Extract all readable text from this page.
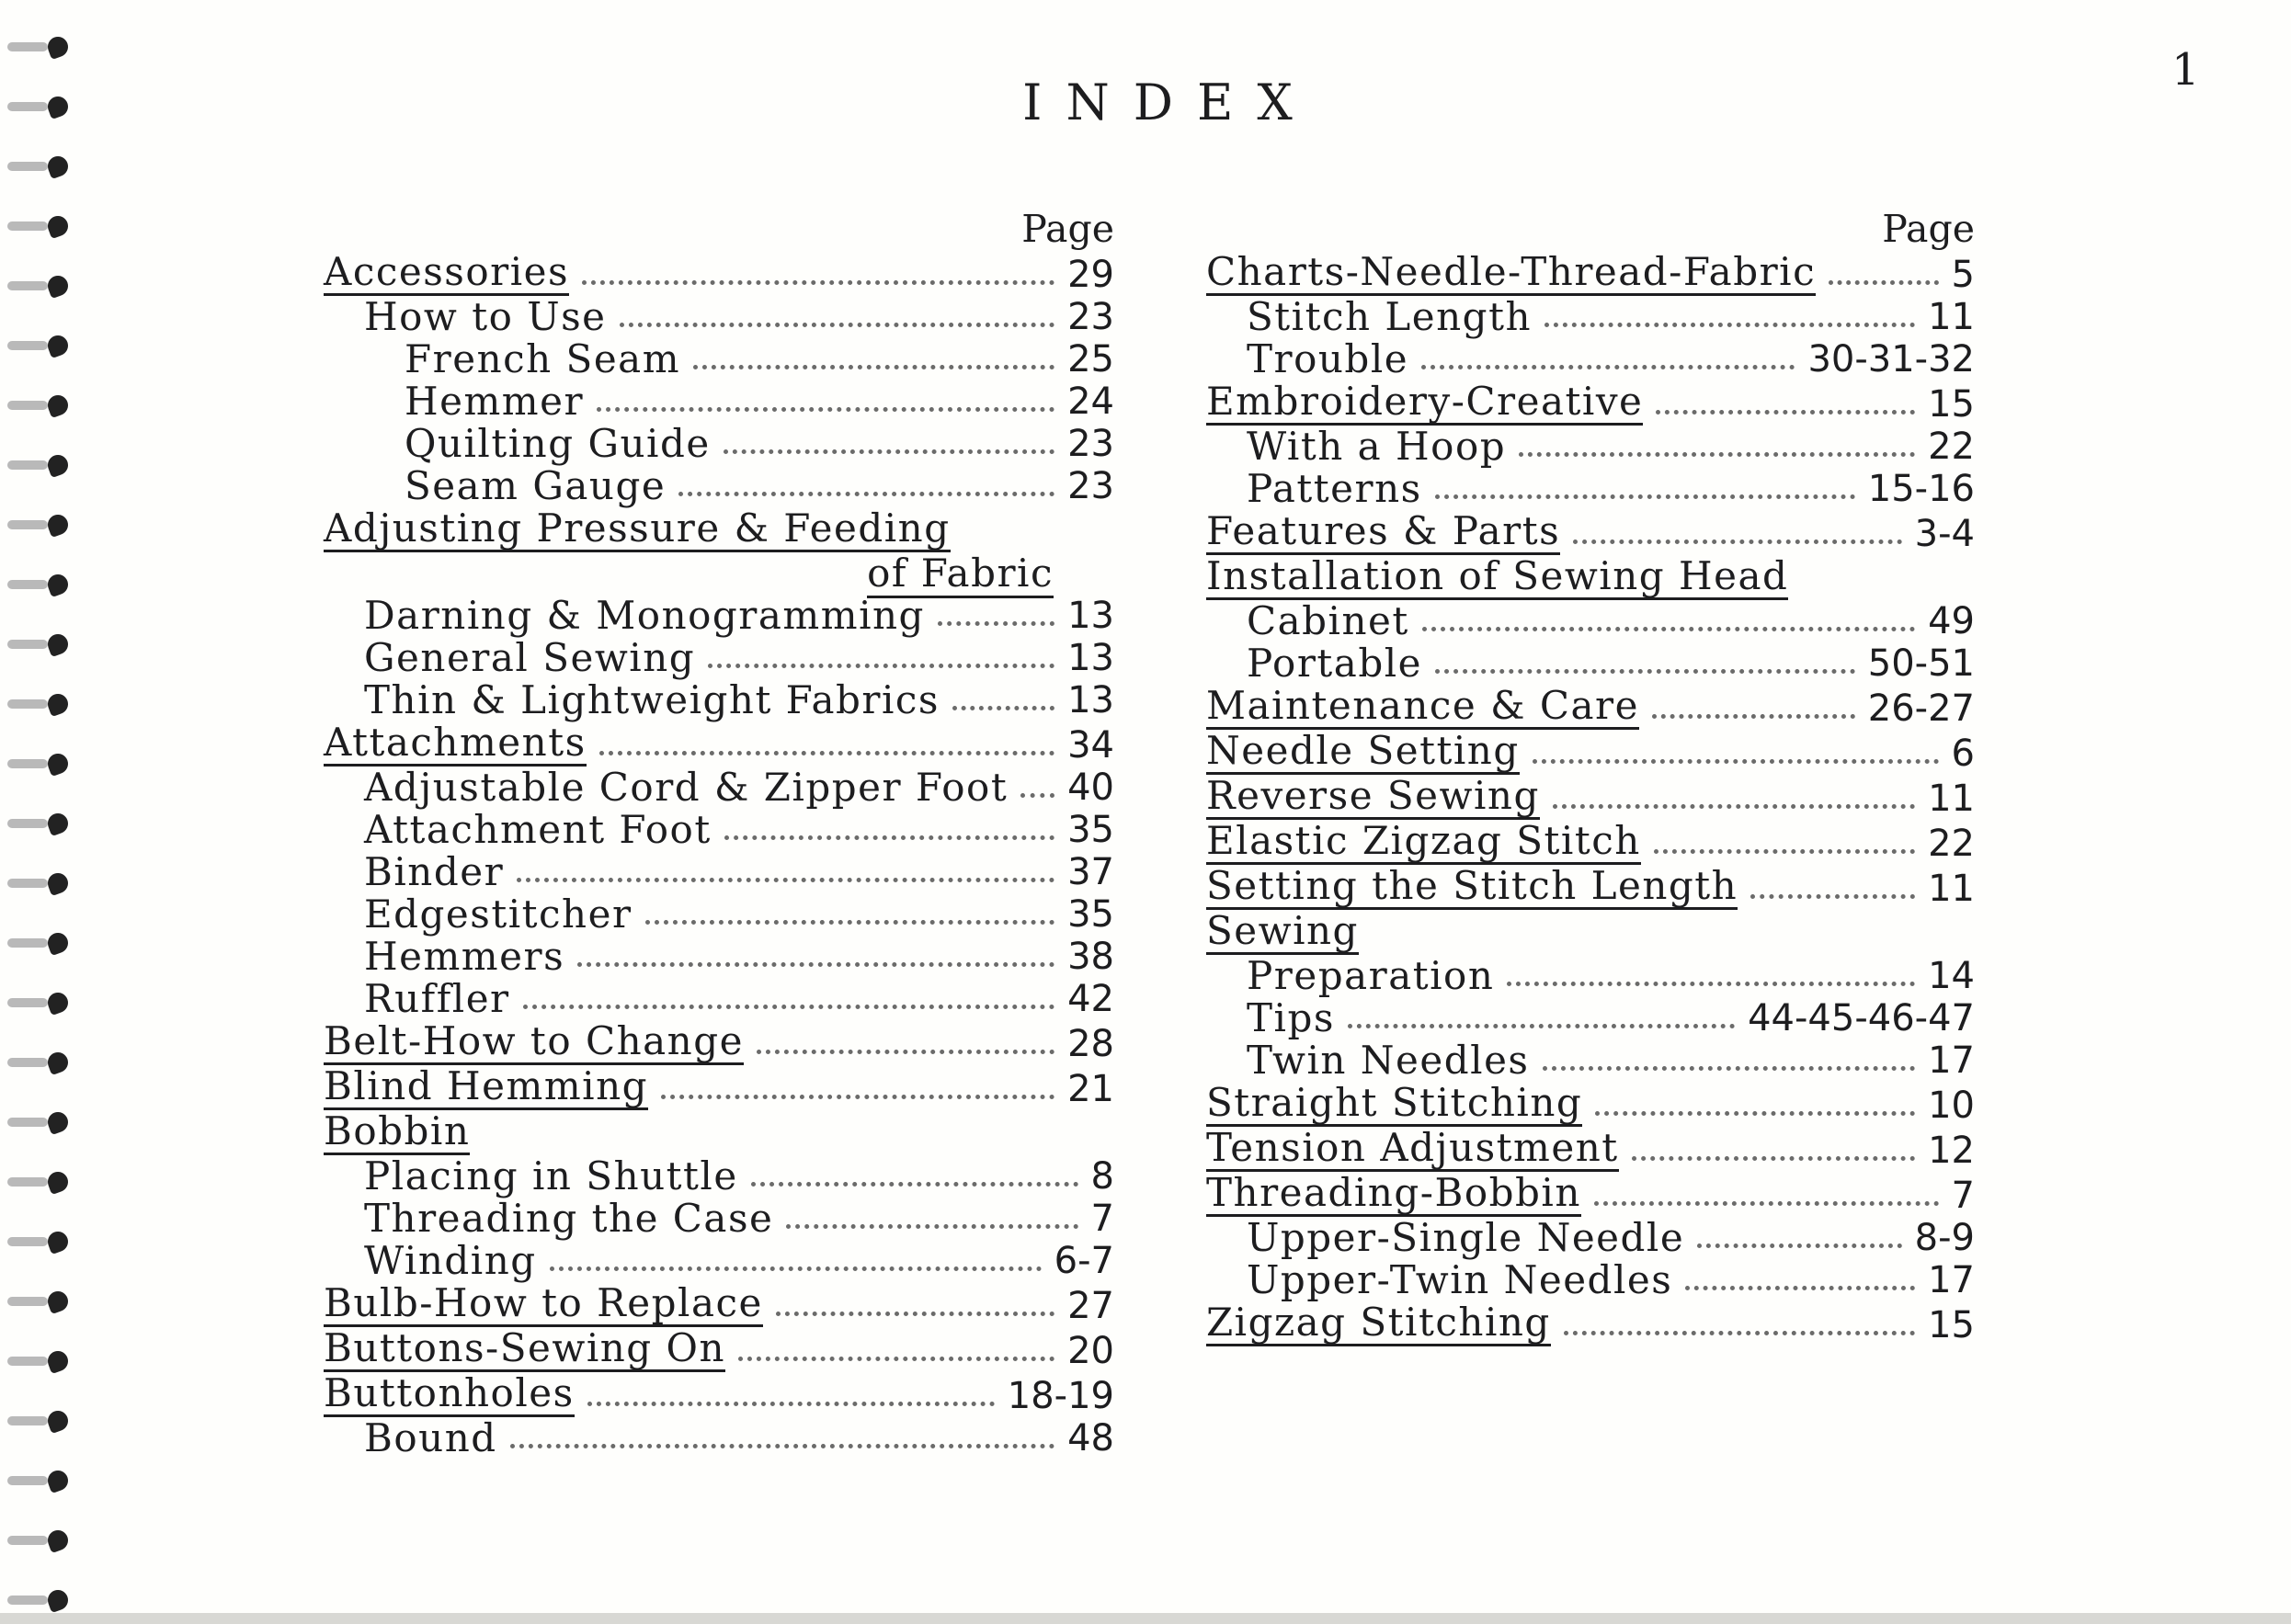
1
INDEX
Page
Accessories	29
How to Use	23
French Seam	25
Hemmer	24
Quilting Guide	23
Seam Gauge	23
Adjusting Pressure & Feeding
of Fabric
Darning & Monogramming	13
General Sewing	13
Thin & Lightweight Fabrics	13
Attachments	34
Adjustable Cord & Zipper Foot 40
Attachment Foot	35
Binder	37
Edgestitcher	35
Hemmers	38
Ruffler	42
Belt-How to Change	28
Blind Hemming	21
Bobbin
Placing in Shuttle	8
Threading the Case	7
Winding	6-7
Bulb-How to Replace	27
Buttons-Sewing On	20
Buttonholes	18-19
Bound	48
Page
Charts-Needle-Thread-Fabric	5
Stitch Length	11
Trouble	30-31-32
Embroidery-Creative	15
With a Hoop	22
Patterns	15-16
Features & Parts	3-4
Installation of Sewing Head
Cabinet	49
Portable	50-51
Maintenance & Care	26-27
Needle Setting	6
Reverse Sewing	11
Elastic Zigzag Stitch	22
Setting the Stitch Length	11
Sewing
Preparation	14
Tips	44-45-46-47
Twin Needles	17
Straight Stitching	10
Tension Adjustment	12
Threading-Bobbin	7
Upper-Single Needle	8-9
Upper-Twin Needles	17
Zigzag Stitching	15
